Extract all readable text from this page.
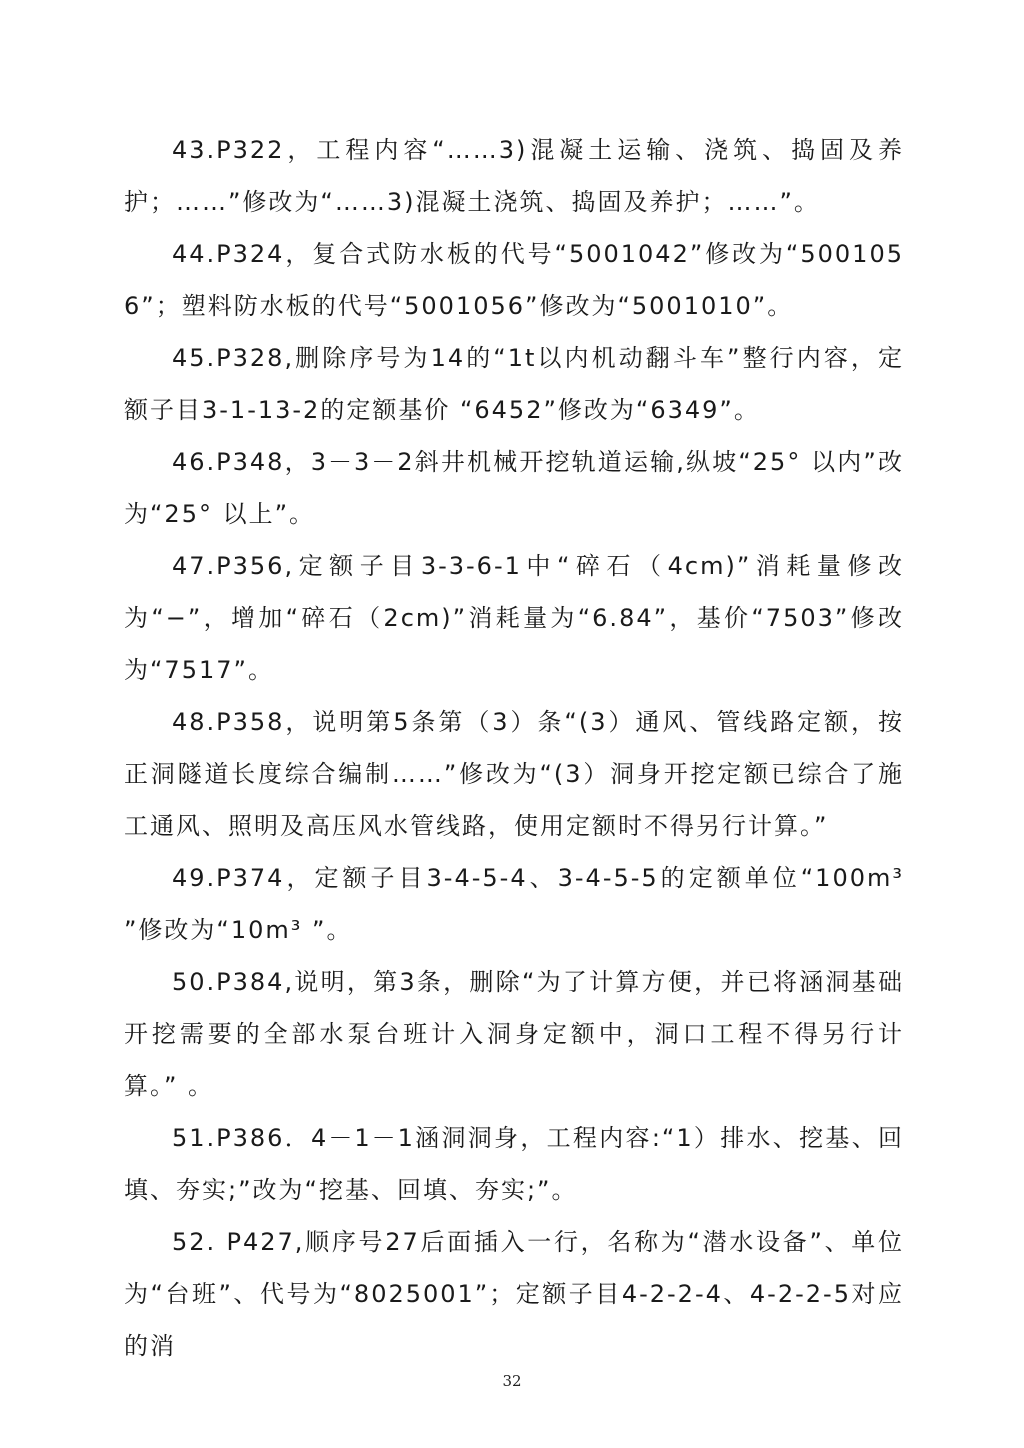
43.P322，工程内容“……3)混凝土运输、浇筑、捣固及养护；……”修改为“……3)混凝土浇筑、捣固及养护；……”。

44.P324，复合式防水板的代号“5001042”修改为“5001056”；塑料防水板的代号“5001056”修改为“5001010”。

45.P328,删除序号为14的“1t以内机动翻斗车”整行内容，定额子目3-1-13-2的定额基价 “6452”修改为“6349”。

46.P348，3－3－2斜井机械开挖轨道运输,纵坡“25° 以内”改为“25° 以上”。

47.P356,定额子目3-3-6-1中“碎石（4cm)”消耗量修改为“−”，增加“碎石（2cm)”消耗量为“6.84”，基价“7503”修改为“7517”。

48.P358，说明第5条第（3）条“(3）通风、管线路定额，按正洞隧道长度综合编制……”修改为“(3）洞身开挖定额已综合了施工通风、照明及高压风水管线路，使用定额时不得另行计算。”

49.P374，定额子目3-4-5-4、3-4-5-5的定额单位“100m³ ”修改为“10m³ ”。

50.P384,说明，第3条，删除“为了计算方便，并已将涵洞基础开挖需要的全部水泵台班计入洞身定额中，洞口工程不得另行计算。” 。

51.P386．4－1－1涵洞洞身，工程内容:“1）排水、挖基、回填、夯实;”改为“挖基、回填、夯实;”。

52. P427,顺序号27后面插入一行，名称为“潜水设备”、单位为“台班”、代号为“8025001”；定额子目4-2-2-4、4-2-2-5对应的消

32
